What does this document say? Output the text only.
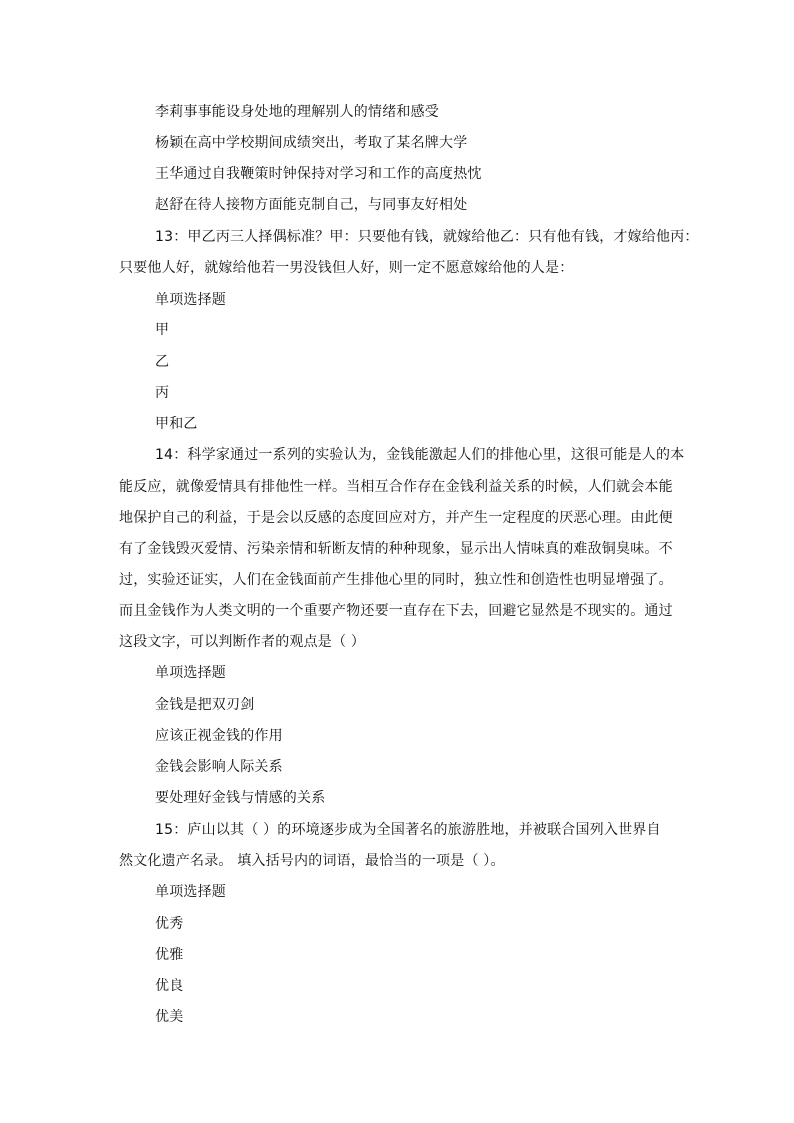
李莉事事能设身处地的理解别人的情绪和感受

杨颖在高中学校期间成绩突出，考取了某名牌大学

王华通过自我鞭策时钟保持对学习和工作的高度热忱

赵舒在待人接物方面能克制自己，与同事友好相处

13：甲乙丙三人择偶标准？甲：只要他有钱，就嫁给他乙：只有他有钱，才嫁给他丙：

只要他人好，就嫁给他若一男没钱但人好，则一定不愿意嫁给他的人是：

单项选择题

甲

乙

丙

甲和乙

14：科学家通过一系列的实验认为，金钱能激起人们的排他心里，这很可能是人的本

能反应，就像爱情具有排他性一样。当相互合作存在金钱利益关系的时候，人们就会本能

地保护自己的利益，于是会以反感的态度回应对方，并产生一定程度的厌恶心理。由此便

有了金钱毁灭爱情、污染亲情和斩断友情的种种现象，显示出人情味真的难敌铜臭味。不

过，实验还证实，人们在金钱面前产生排他心里的同时，独立性和创造性也明显增强了。

而且金钱作为人类文明的一个重要产物还要一直存在下去，回避它显然是不现实的。通过

这段文字，可以判断作者的观点是（ ）

单项选择题

金钱是把双刃剑

应该正视金钱的作用

金钱会影响人际关系

要处理好金钱与情感的关系

15：庐山以其（ ）的环境逐步成为全国著名的旅游胜地，并被联合国列入世界自

然文化遗产名录。 填入括号内的词语，最恰当的一项是（ ）。

单项选择题

优秀

优雅

优良

优美
